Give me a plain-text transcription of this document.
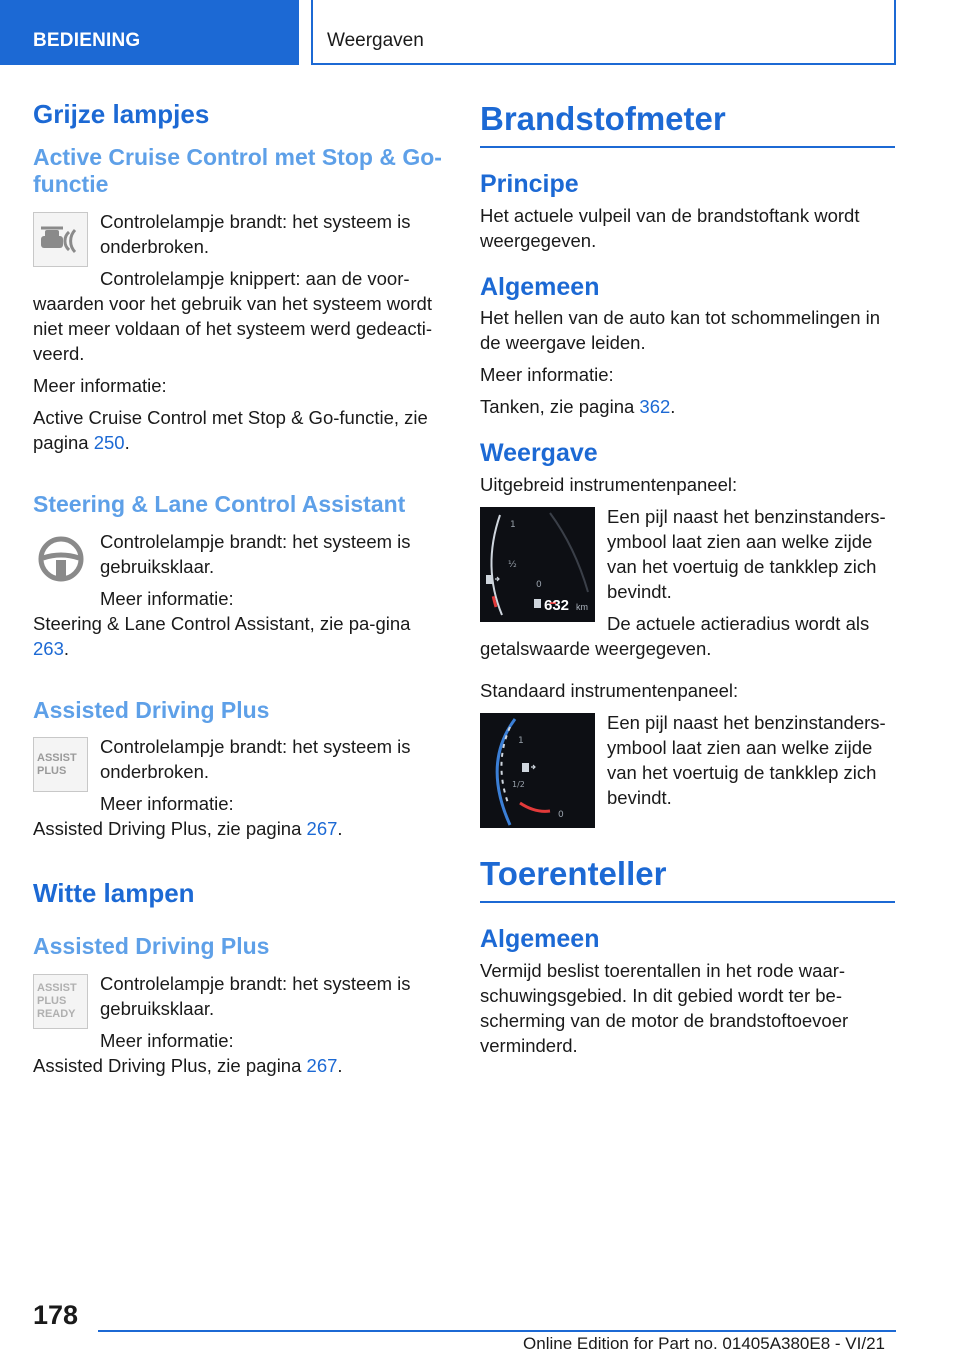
BEDIENING	Weergaven
Grijze lampjes
Active Cruise Control met Stop & Go-functie
Controlelampje brandt: het systeem is onderbroken.
Controlelampje knippert: aan de voor-
waarden voor het gebruik van het systeem wordt niet meer voldaan of het systeem werd gedeacti-veerd.
Meer informatie:
Active Cruise Control met Stop & Go-functie, zie pagina 250.
Steering & Lane Control Assistant
Controlelampje brandt: het systeem is gebruiksklaar.
Meer informatie:
Steering & Lane Control Assistant, zie pa-gina 263.
Assisted Driving Plus
ASSIST
PLUS
Controlelampje brandt: het systeem is onderbroken.
Meer informatie:
Assisted Driving Plus, zie pagina 267.
Witte lampen
Assisted Driving Plus
ASSIST
PLUS
READY
Controlelampje brandt: het systeem is gebruiksklaar.
Meer informatie:
Assisted Driving Plus, zie pagina 267.
Brandstofmeter
Principe
Het actuele vulpeil van de brandstoftank wordt weergegeven.
Algemeen
Het hellen van de auto kan tot schommelingen in de weergave leiden.
Meer informatie:
Tanken, zie pagina 362.
Weergave
Uitgebreid instrumentenpaneel:
1
½
0
632 km
Een pijl naast het benzinstanders-ymbool laat zien aan welke zijde van het voertuig de tankklep zich bevindt.
De actuele actieradius wordt als
getalswaarde weergegeven.
Standaard instrumentenpaneel:
1
1/2
0
Een pijl naast het benzinstanders-ymbool laat zien aan welke zijde van het voertuig de tankklep zich bevindt.
Toerenteller
Algemeen
Vermijd beslist toerentallen in het rode waar-schuwingsgebied. In dit gebied wordt ter be-scherming van de motor de brandstoftoevoer verminderd.
178
Online Edition for Part no. 01405A380E8 - VI/21
